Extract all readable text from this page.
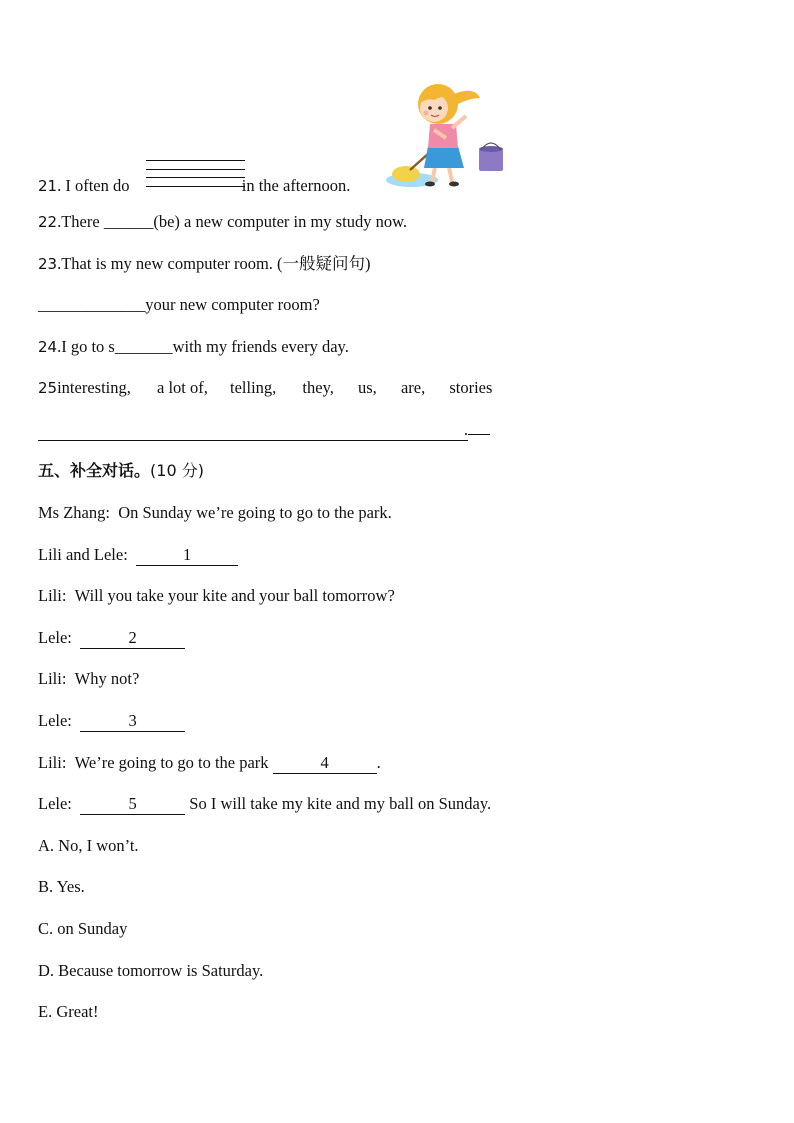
21. I often do	in the afternoon.
22.There ______(be) a new computer in my study now.
23.That is my new computer room. (一般疑问句)
_____________your new computer room?
24.I go to s_______with my friends every day.
25interesting, a lot of, telling, they, us, are, stories
.
五、补全对话。(10 分)
Ms Zhang: On Sunday we’re going to go to the park.
Lili and Lele:	1
Lili: Will you take your kite and your ball tomorrow?
Lele:	2
Lili: Why not?
Lele:	3
Lili: We’re going to go to the park	4	.
Lele:	5	So I will take my kite and my ball on Sunday.
A. No, I won’t.
B. Yes.
C. on Sunday
D. Because tomorrow is Saturday.
E. Great!
